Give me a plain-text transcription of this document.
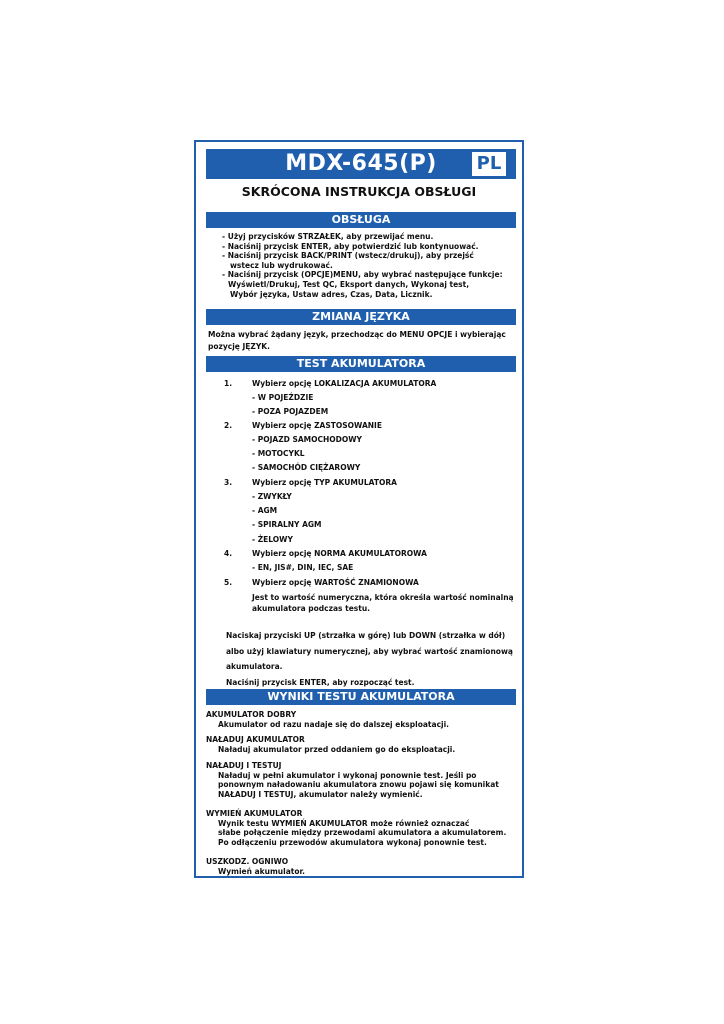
MDX-645(P)	PL
SKRÓCONA INSTRUKCJA OBSŁUGI
OBSŁUGA

- Użyj przycisków STRZAŁEK, aby przewijać menu.

- Naciśnij przycisk ENTER, aby potwierdzić lub kontynuować.

- Naciśnij przycisk BACK/PRINT (wstecz/drukuj), aby przejść

wstecz lub wydrukować.

- Naciśnij przycisk (OPCJE)MENU, aby wybrać następujące funkcje:

Wyświetl/Drukuj, Test QC, Eksport danych, Wykonaj test,

Wybór języka, Ustaw adres, Czas, Data, Licznik.

ZMIANA JĘZYKA

Można wybrać żądany język, przechodząc do MENU OPCJE i wybierając

pozycję JĘZYK.

TEST AKUMULATORA
1.	Wybierz opcję LOKALIZACJA AKUMULATORA
- W POJEŹDZIE
- POZA POJAZDEM
2.	Wybierz opcję ZASTOSOWANIE
- POJAZD SAMOCHODOWY
- MOTOCYKL
- SAMOCHÓD CIĘŻAROWY
3.	Wybierz opcję TYP AKUMULATORA
- ZWYKŁY
- AGM
- SPIRALNY AGM
- ŻELOWY
4.	Wybierz opcję NORMA AKUMULATOROWA
- EN, JIS#, DIN, IEC, SAE
5.	Wybierz opcję WARTOŚĆ ZNAMIONOWA

Jest to wartość numeryczna, która określa wartość nominalną

akumulatora podczas testu.

Naciskaj przyciski UP (strzałka w górę) lub DOWN (strzałka w dół)

albo użyj klawiatury numerycznej, aby wybrać wartość znamionową

akumulatora.

Naciśnij przycisk ENTER, aby rozpocząć test.

WYNIKI TESTU AKUMULATORA

AKUMULATOR DOBRY

Akumulator od razu nadaje się do dalszej eksploatacji.

NAŁADUJ AKUMULATOR

Naładuj akumulator przed oddaniem go do eksploatacji.

NAŁADUJ I TESTUJ

Naładuj w pełni akumulator i wykonaj ponownie test. Jeśli po

ponownym naładowaniu akumulatora znowu pojawi się komunikat

NAŁADUJ I TESTUJ, akumulator należy wymienić.

WYMIEŃ AKUMULATOR

Wynik testu WYMIEŃ AKUMULATOR może również oznaczać

słabe połączenie między przewodami akumulatora a akumulatorem.

Po odłączeniu przewodów akumulatora wykonaj ponownie test.

USZKODZ. OGNIWO

Wymień akumulator.
